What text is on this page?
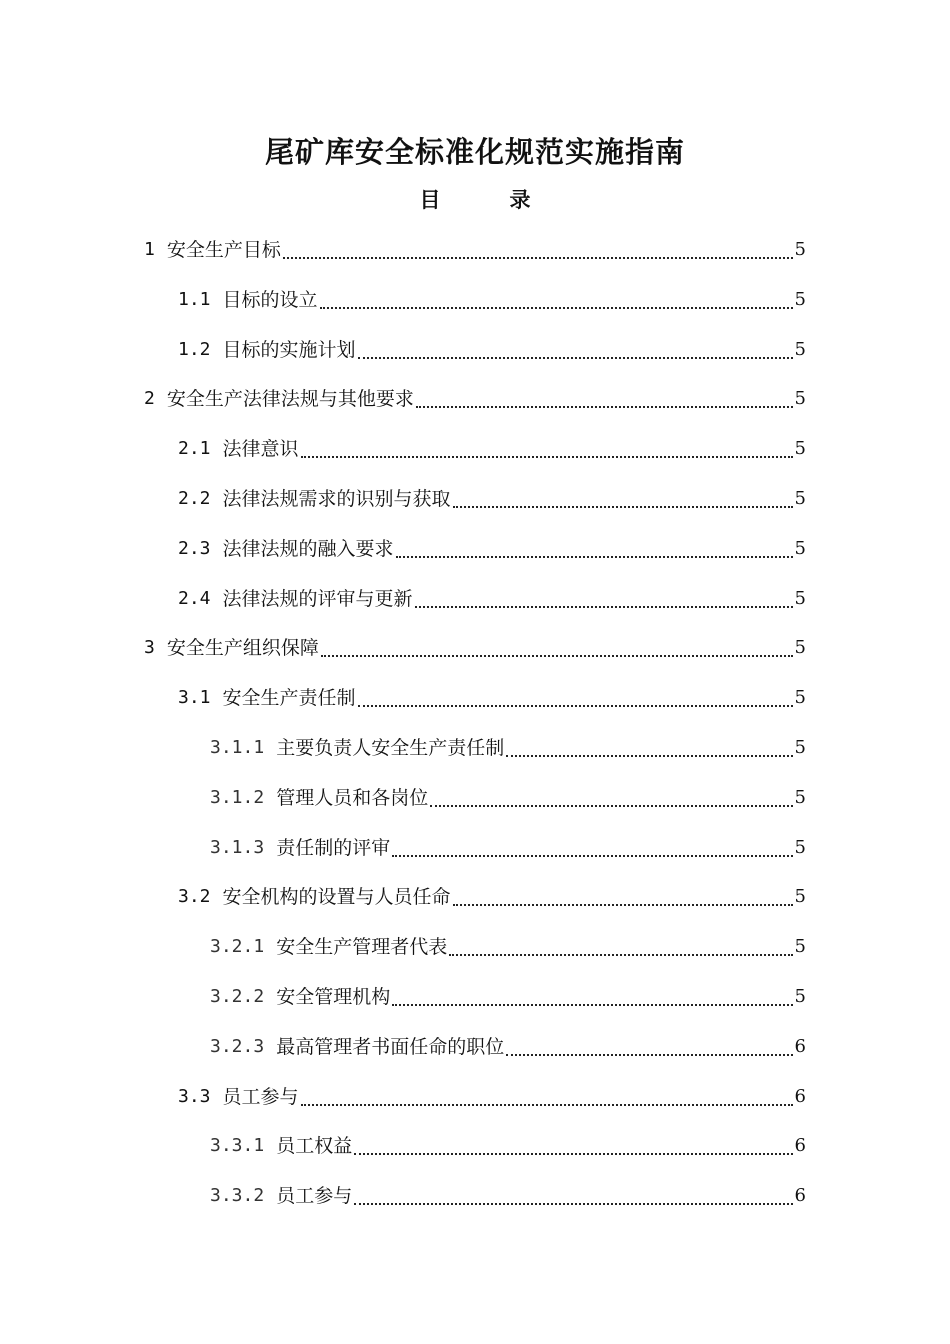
尾矿库安全标准化规范实施指南
目　录
1 安全生产目标	5
1.1 目标的设立	5
1.2 目标的实施计划	5
2 安全生产法律法规与其他要求	5
2.1 法律意识	5
2.2 法律法规需求的识别与获取	5
2.3 法律法规的融入要求	5
2.4 法律法规的评审与更新	5
3 安全生产组织保障	5
3.1 安全生产责任制	5
3.1.1 主要负责人安全生产责任制	5
3.1.2 管理人员和各岗位	5
3.1.3 责任制的评审	5
3.2 安全机构的设置与人员任命	5
3.2.1 安全生产管理者代表	5
3.2.2 安全管理机构	5
3.2.3 最高管理者书面任命的职位	6
3.3 员工参与	6
3.3.1 员工权益	6
3.3.2 员工参与	6
